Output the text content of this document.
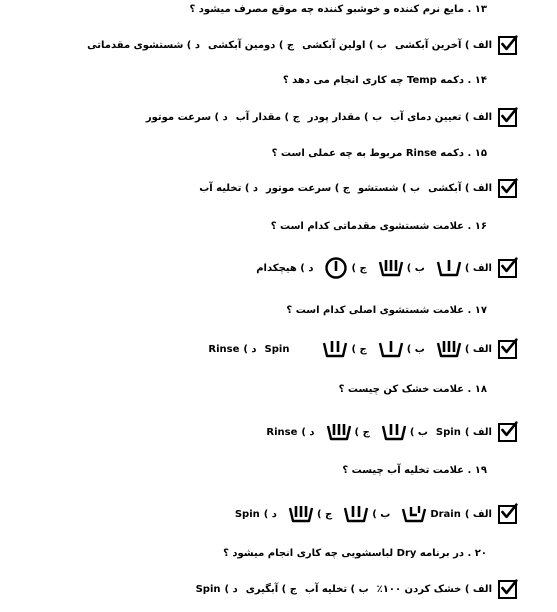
۱۳ . مایع نرم کننده و خوشبو کننده چه موقع مصرف میشود ؟
الف ) آخرین آبکشی
ب ) اولین آبکشی
ج ) دومین آبکشی
د ) شستشوی مقدماتی
۱۴ . دکمه Temp چه کاری انجام می دهد ؟
الف ) تعیین دمای آب
ب ) مقدار پودر
ج ) مقدار آب
د ) سرعت موتور
۱۵ . دکمه Rinse مربوط به چه عملی است ؟
الف ) آبکشی
ب ) شستشو
ج ) سرعت موتور
د ) تخلیه آب
۱۶ . علامت شستشوی مقدماتی کدام است ؟
الف )
ب )
ج )
د ) هیچکدام
۱۷ . علامت شستشوی اصلی کدام است ؟
الف )
ب )
ج )
Spin
د )
Rinse
۱۸ . علامت خشک کن چیست ؟
الف )
Spin
ب )
ج )
د )
Rinse
۱۹ . علامت تخلیه آب چیست ؟
الف )
Drain
ب )
ج )
د )
Spin
۲۰ . در برنامه Dry لباسشویی چه کاری انجام میشود ؟
الف ) خشک کردن ۱۰۰٪
ب ) تخلیه آب
ج ) آبگیری
د )
Spin
